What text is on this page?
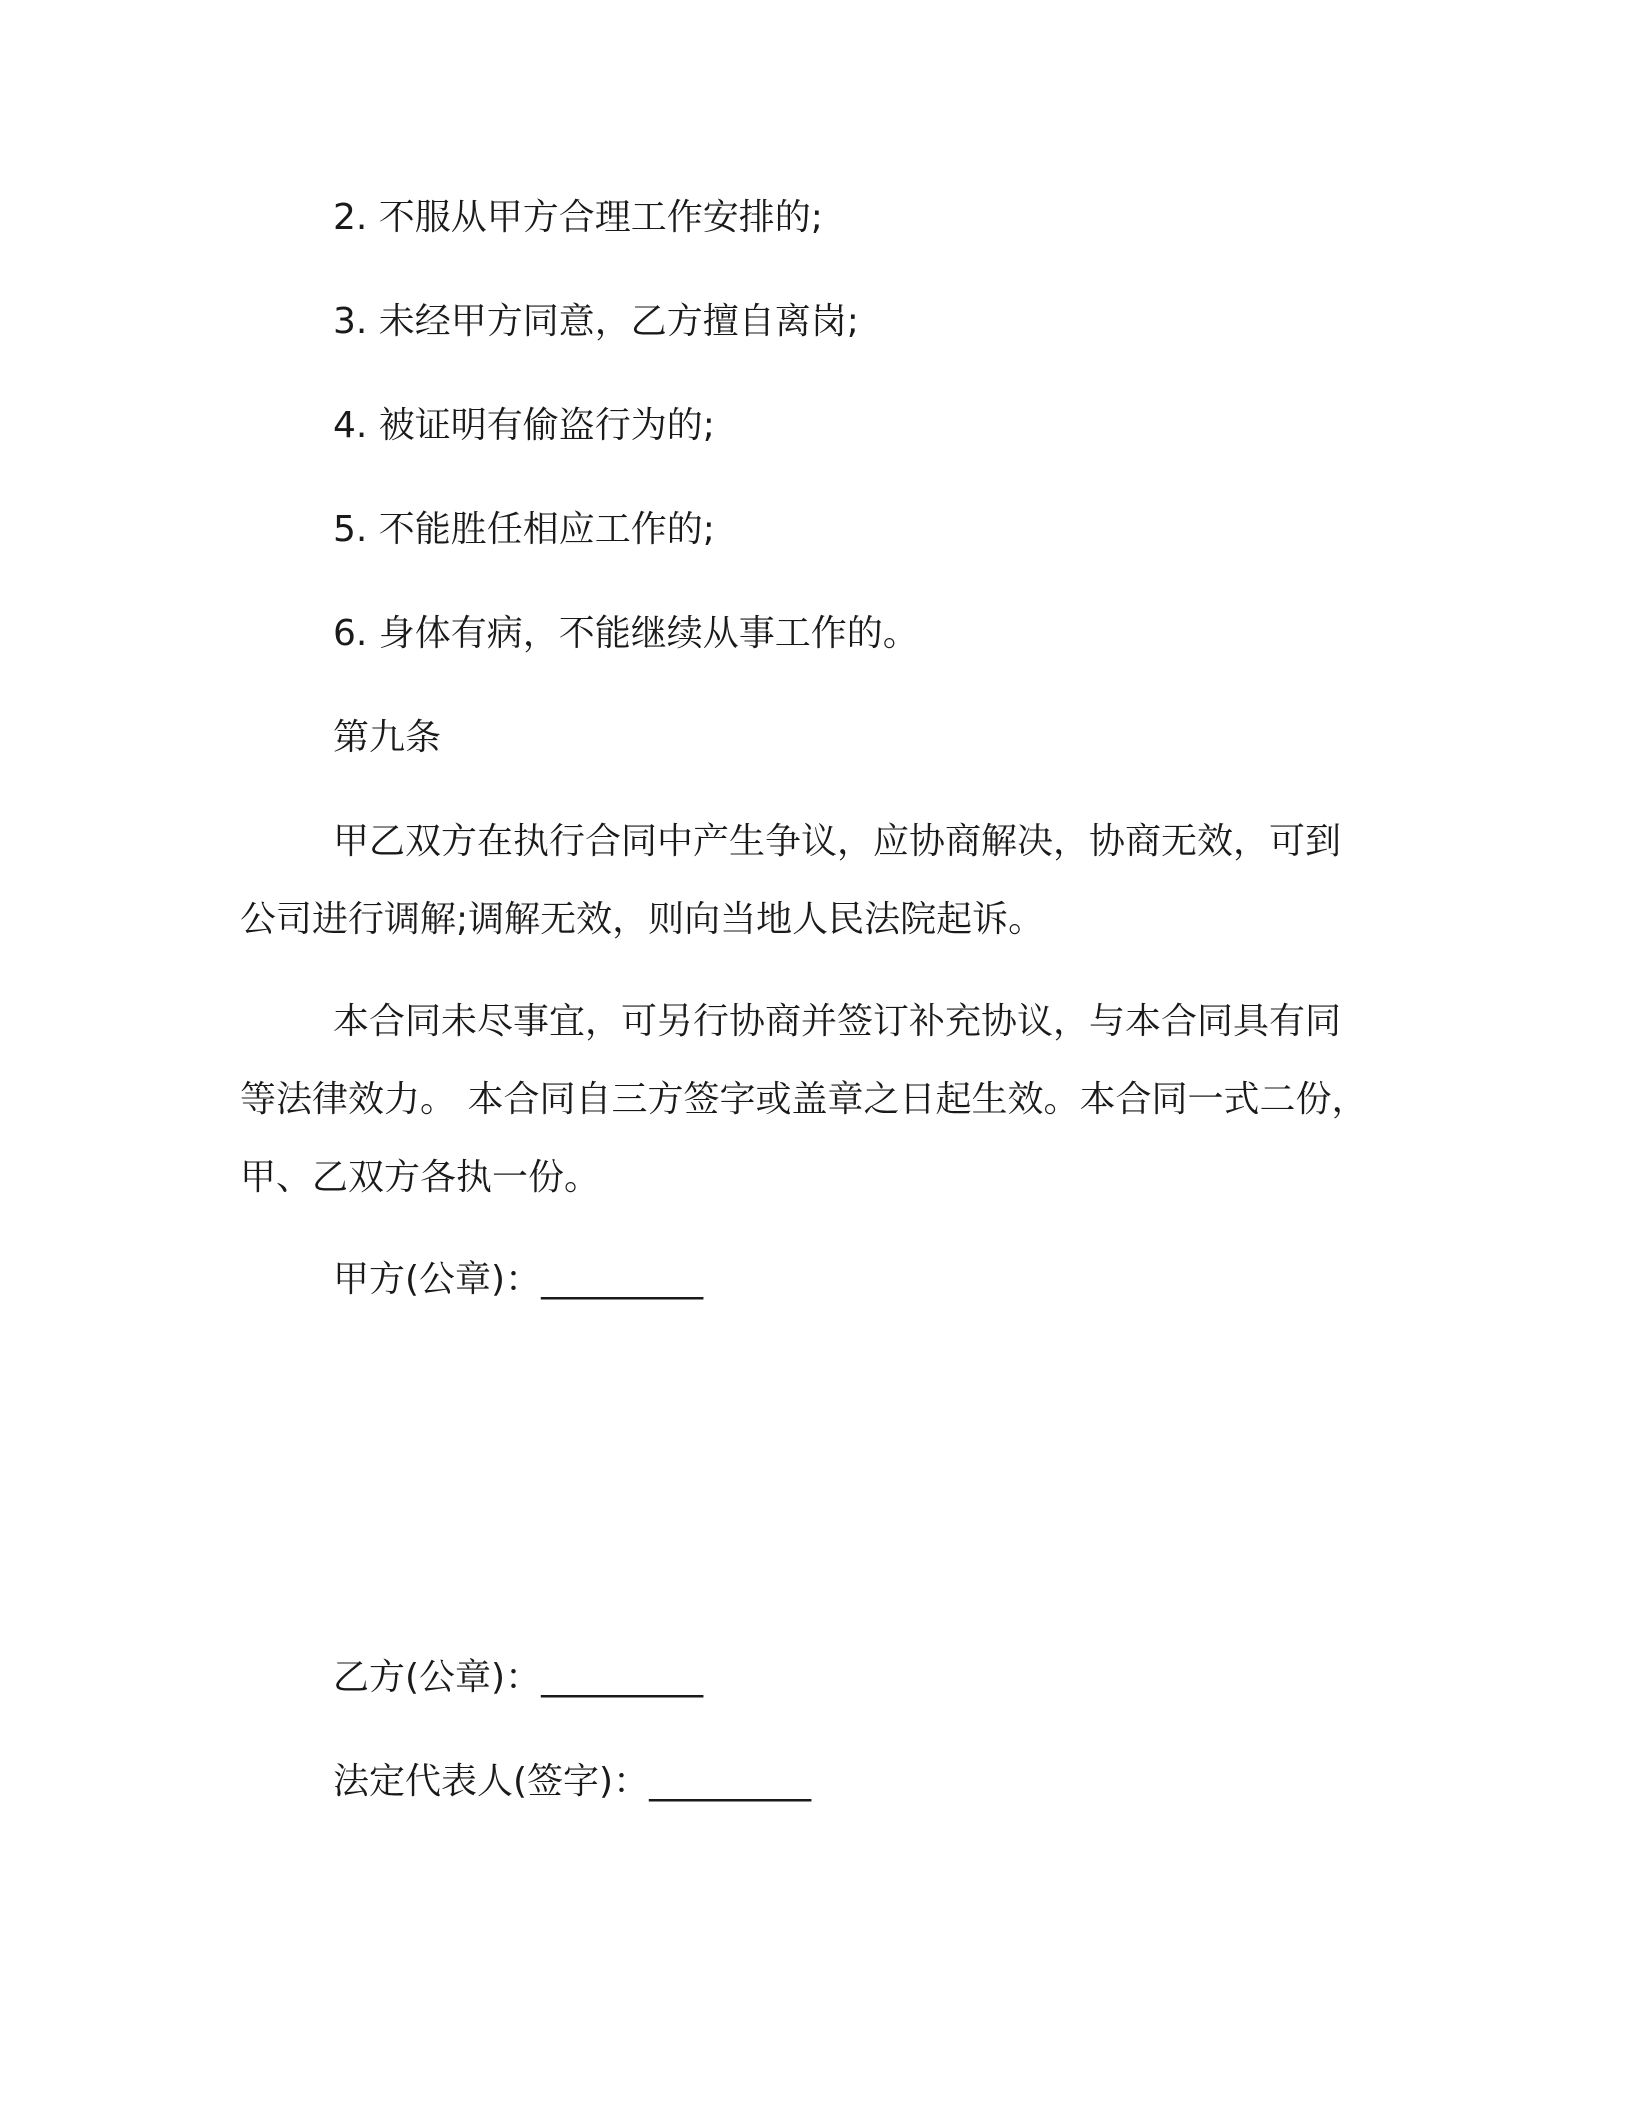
2. 不服从甲方合理工作安排的;

3. 未经甲方同意，乙方擅自离岗;

4. 被证明有偷盗行为的;

5. 不能胜任相应工作的;

6. 身体有病，不能继续从事工作的。

第九条

甲乙双方在执行合同中产生争议，应协商解决，协商无效，可到

公司进行调解;调解无效，则向当地人民法院起诉。

本合同未尽事宜，可另行协商并签订补充协议，与本合同具有同

等法律效力。 本合同自三方签字或盖章之日起生效。本合同一式二份，

甲、乙双方各执一份。

甲方(公章)：_________

乙方(公章)：_________

法定代表人(签字)：_________
